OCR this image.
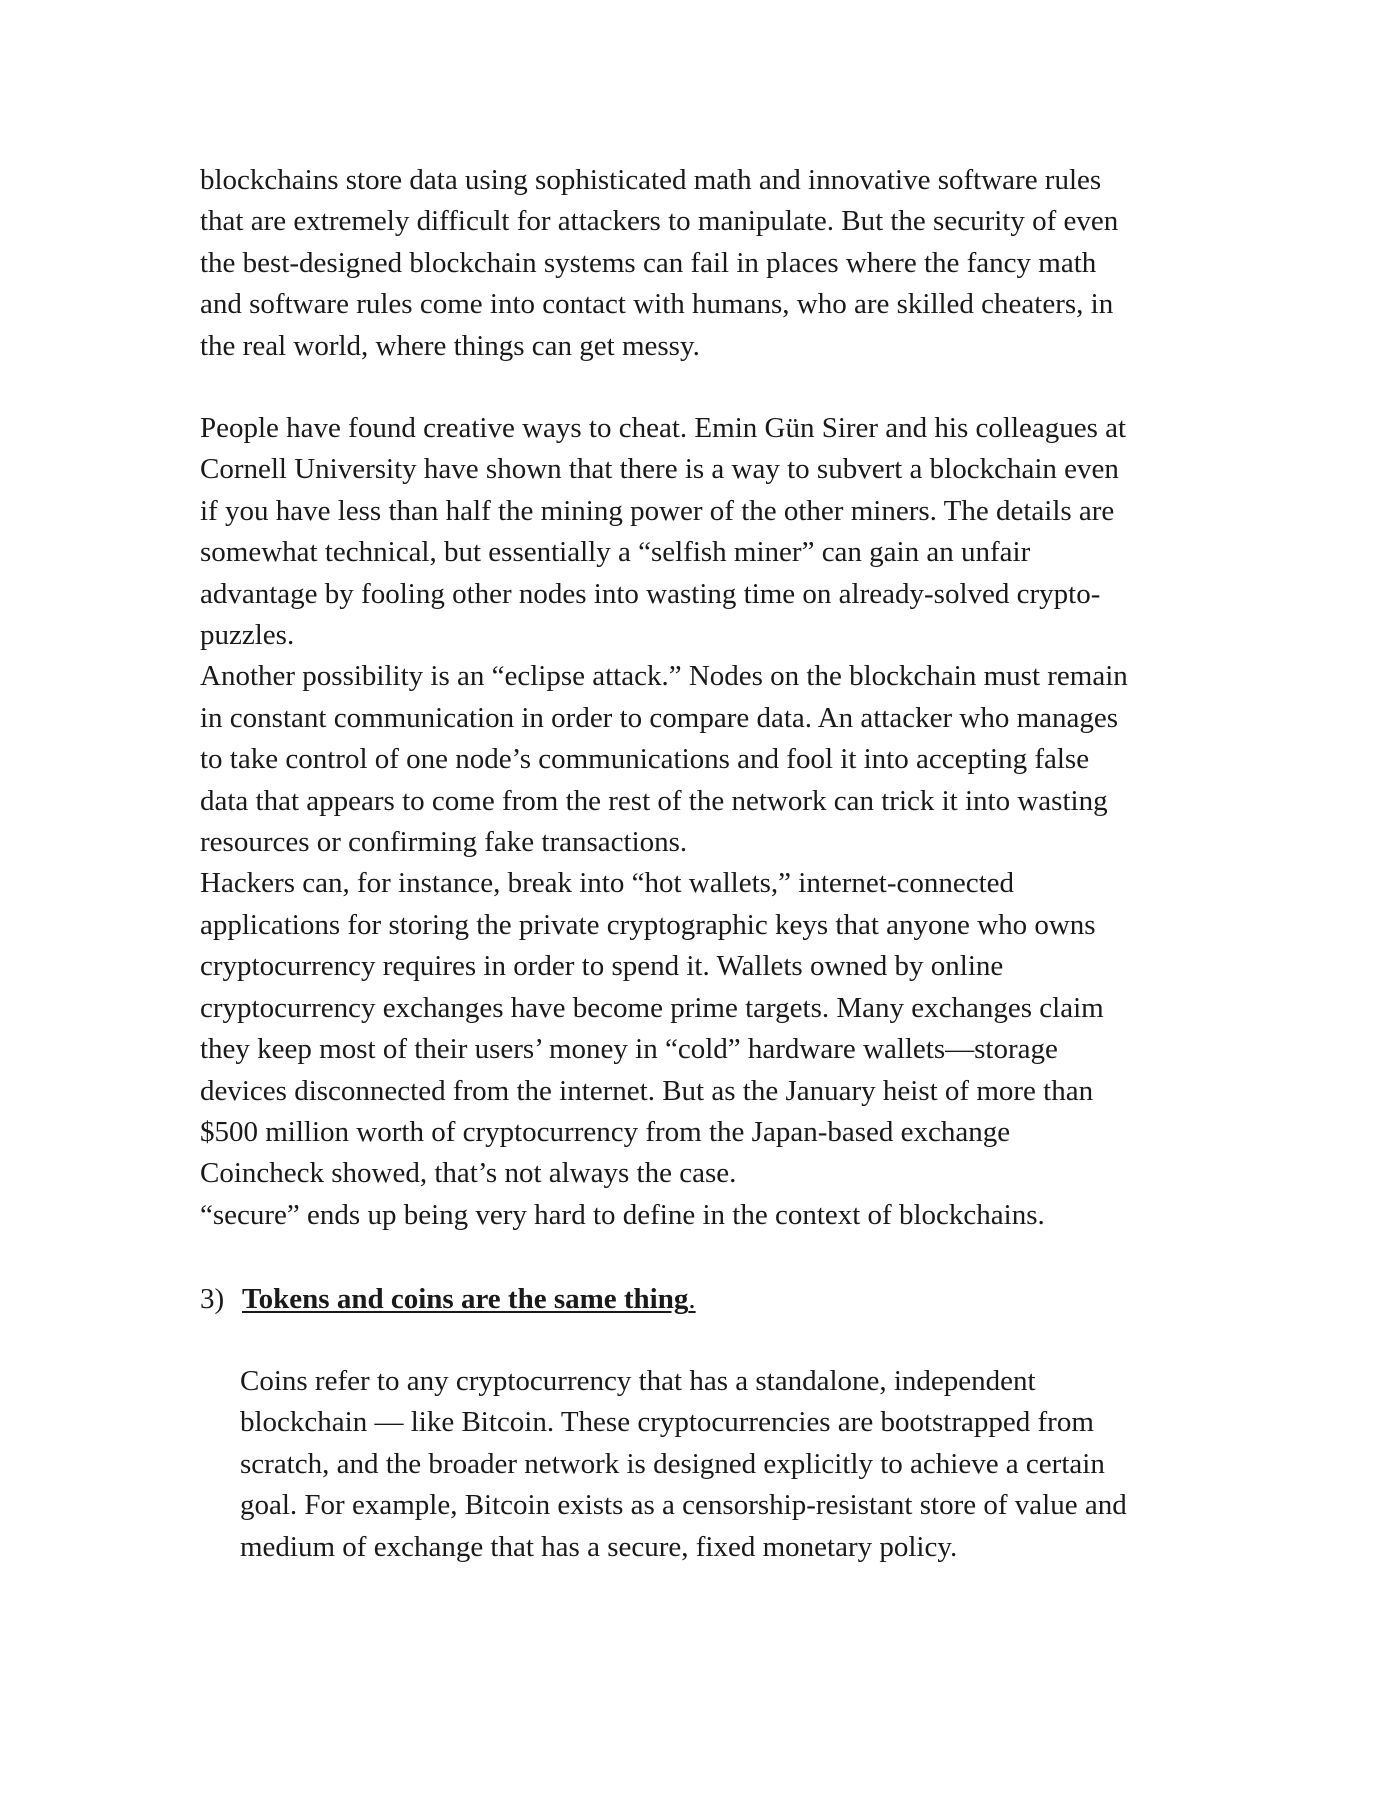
blockchains store data using sophisticated math and innovative software rules
that are extremely difficult for attackers to manipulate. But the security of even
the best-designed blockchain systems can fail in places where the fancy math
and software rules come into contact with humans, who are skilled cheaters, in
the real world, where things can get messy.
People have found creative ways to cheat. Emin Gün Sirer and his colleagues at
Cornell University have shown that there is a way to subvert a blockchain even
if you have less than half the mining power of the other miners. The details are
somewhat technical, but essentially a “selfish miner” can gain an unfair
advantage by fooling other nodes into wasting time on already-solved crypto-
puzzles.
Another possibility is an “eclipse attack.” Nodes on the blockchain must remain
in constant communication in order to compare data. An attacker who manages
to take control of one node’s communications and fool it into accepting false
data that appears to come from the rest of the network can trick it into wasting
resources or confirming fake transactions.
Hackers can, for instance, break into “hot wallets,” internet-connected
applications for storing the private cryptographic keys that anyone who owns
cryptocurrency requires in order to spend it. Wallets owned by online
cryptocurrency exchanges have become prime targets. Many exchanges claim
they keep most of their users’ money in “cold” hardware wallets—storage
devices disconnected from the internet. But as the January heist of more than
$500 million worth of cryptocurrency from the Japan-based exchange
Coincheck showed, that’s not always the case.
“secure” ends up being very hard to define in the context of blockchains.
3) Tokens and coins are the same thing.
Coins refer to any cryptocurrency that has a standalone, independent
blockchain — like Bitcoin. These cryptocurrencies are bootstrapped from
scratch, and the broader network is designed explicitly to achieve a certain
goal. For example, Bitcoin exists as a censorship-resistant store of value and
medium of exchange that has a secure, fixed monetary policy.
